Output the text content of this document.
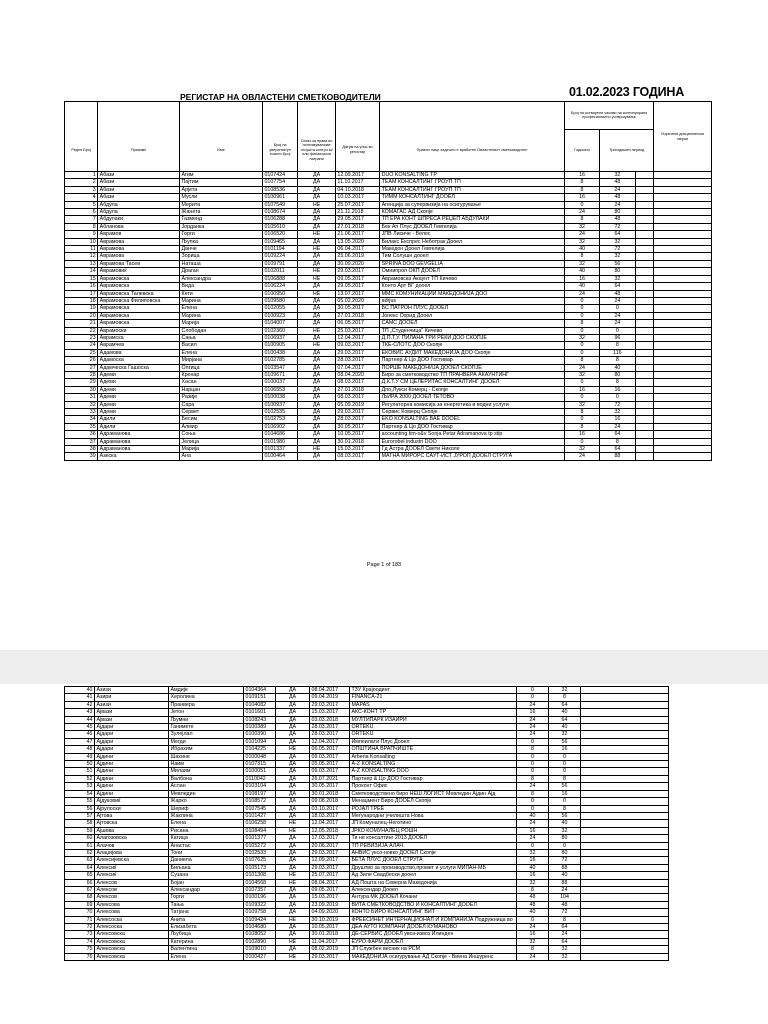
РЕГИСТАР НА ОВЛАСТЕНИ СМЕТКОВОДИТЕЛИ	01.02.2023 ГОДИНА
							Број на остварени часови на континуирано професионално усовршување			Изречени дисциплински мерки
Реден Број	Презиме	Име	Број на уверение/уп ечатен Број	Отказ за права во поптимувањиве отсушта контро м/или финансиски натрапи	Датум на упис во регистар	Правно лице кадешто е вработен Овластениот сметководител	Годишно	Тригодишен период		
1	Абази	Агим	0107424	ДА	12.09.2017	DUO KONSALTING ТР	16	32		
2	Абази	Пајтим	0107754	ДА	11.10.2017	ТЕАМ КОНСАЛТИНГ ГРОУП ТП	8	48		
3	Абази	Арјета	0108536	ДА	04.10.2018	ТЕАМ КОНСАЛТИНГ ГРОУП ТП	8	24		
4	Абази	Мусли	0100961	ДА	10.03.2017	ТИММ КОНСАЛТИНГ ДООЕЛ	16	48		
5	Абдула	Мерита	0107549	НЕ	25.07.2017	Агенција за супервизија на осигурување	0	24		
6	Абдула	Жанета	0108674	ДА	21.11.2018	КОМАГАС АД Скопје	24	80		
7	Абдулаки	Газменд	0106288	ДА	29.05.2017	ТП ЕРА КОНТ ШПРЕСА РЕЏЕП АБДУЛАКИ	8	48		
8	Абланова	Јорданка	0105610	ДА	27.01.2018	Бек Ап Плус ДООЕЛ Гевгелија	32	72		
9	Аврамов	Горги	0106520	НЕ	21.06.2017	ЈПВ Лисиче - Велес	24	64		
10	Аврамова	Љупка	0109465	ДА	13.05.2020	Билакс Експрес Неботрак Дооел	32	32		
11	Аврамова	Данче	0101194	НЕ	06.04.2017	Македон Дооел Гевгелија	40	72		
12	Аврамова	Зорица	0109224	ДА	25.06.2019	Тим Солушн дооел	8	32		
13	Аврамова Тасев	Наташа	0109791	ДА	30.09.2020	SPRINA DOO GEVGELIA	32	56		
14	Аврамовиќ	Драган	0102011	НЕ	29.03.2017	Омнипрол ОКП ДООЕЛ	40	80		
15	Аврамовска	Александра	0106888	НЕ	09.05.2017	Аврамовска Акаунт ТП Кичево	16	32		
16	Аврамовска	Вида	0106224	ДА	29.05.2017	Конто Арт ВГ дооел	40	64		
17	Аврамовска Талевска	Кети	0100950	НЕ	13.07.2017	ММС КОМУНИКАЦИИ МАКЕДОНИЈА ДОО	24	48		
18	Аврамовска Филиповска	Марина	0109580	ДА	05.02.2020	adrjus	0	24		
19	Аврамовска	Елена	0102055	ДА	30.05.2017	БС ПАТРОН ПЛУС ДООЕЛ	0	0		
20	Аврамовска	Марина	0100923	ДА	27.01.2018	Јонекс Охрид Дооел	0	24		
21	Аврамовска	Марија	0104007	ДА	06.05.2017	САМС ДООЕЛ	8	24		
22	Аврамоски	Слободан	0102360	НЕ	25.03.2017	ТП „Студенчица" Кичево	0	0		
23	Аврамска	Сања	0106937	ДА	12.04.2017	Д.П.Т.У. ПИЛАНА ТРИ РЕКИ ДОО СКОПЈЕ	32	96		
24	Аврамчев	Васил	0100905	НЕ	09.03.2017	ТКЕ-СЛОТС ДОО Скопје	0	8		
25	Адамова	Елена	0100438	ДА	29.03.2017	ЕКОВИС АУДИТ МАКЕДОНИЈА ДОО Скопје	0	116		
26	Адамоска	Мирјана	0102785	ДА	28.03.2017	Партнер & Цо ДОО Гостивар	8	8		
27	Адамческа Гашоска	Олгица	0103547	ДА	07.04.2017	ПОРШЕ МАКЕДОНИЈА ДООЕЛ СКОПЈЕ	24	40		
28	Адеми	Кренар	0109671	ДА	08.04.2020	Биро за сметководство ТП ПРАНВЕРА АКАУНТИНГ	32	80		
29	Адеми	Хасан	0100037	ДА	08.03.2017	Д.К.Т.У СМ ЦЕЛЕРИТАС КОНСАЛТИНГ ДООЕЛ	0	8		
30	Адеми	Нарцан	0106553	ДА	27.01.2018	Дпо„Лукси Комерц - Скопје	16	16		
31	Адеми	Разије	0100038	ДА	08.03.2017	ЉИРА 2000 ДООЕЛ ТЕТОВО	0	0		
32	Адеми	Сара	0100937	ДА	05.09.2019	Регулаторна комисија за енергетика и водни услуги	32	72		
33	Адеми	Сервет	0102535	ДА	29.03.2017	Сервис Комерц Скопје	8	32		
34	Адили	Бесим	0102753	ДА	28.03.2017	EKO KONSALTING BAE DOOEL	0	16		
35	Адили	Алмир	0106902	ДА	30.05.2017	Партнер & Цо ДОО Гостивар	8	24		
36	Адрамановa	Соња	0104686	ДА	10.05.2017	accounting tim-s&v Sonja Petar Adramanova tp stip	16	64		
37	Адрамановa	Јелица	0101980	ДА	30.01.2018	Eurorobel industri DOO	0	8		
38	Адрамановa	Марија	0101337	НЕ	15.03.2017	Ѓд Астра ДООЕЛ Свети Николе	32	64		
39	Азеска	Ана	0100464	ДА	08.03.2017	МАГНА МИРОРС САУТ-ИСТ ЈУРОП ДООЕЛ СТРУГА	24	88		
Page 1 of 183
40	Азизи	Амдије	0104364	ДА	08.04.2017	ТЗУ Краjоодинт	0	32	
41	Азири	Херолина	0109151	ДА	09.04.2019	FINANCA-21	0	8	
42	Азизи	Пранвера	0104082	ДА	29.03.2017	МАРАЅ	24	64	
43	Ајвази	Јетон	0101601	ДА	15.03.2017	АКС-КОНТ ТР	16	40	
44	Ајвази	Љумни	0108243	ДА	03.03.2018	МУЛТИПАРК ИЗАИРИ	24	64	
45	Ајдари	Ганимете	0100389	ДА	28.03.2017	ORTEKU	24	40	
46	Ајдари	Зулејлал	0100390	ДА	28.03.2017	ORTEKU	24	32	
47	Ајдари	Мегди	0101094	ДА	12.04.2017	Импеилати Плус Дооел	0	56	
48	Ајдари	Ибрахим	0104225	НЕ	06.05.2017	ОПШТИНА ВРАПЧИШТЕ	8	16	
49	Ајдини	Шахине	0100048	ДА	09.03.2017	Arberia Konsalting	0	0	
50	Ајдини	Наим	0107315	ДА	05.05.2017	А-Z KONSALTING	0	0	
51	Ајдини	Милаим	0100051	ДА	09.03.2017	А-Z KONSALTING DOO	0	0	
52	Ајдини	Валбона	0110042	ДА	26.07.2021	Партнер & Цо ДОО Гостивар	8	8	
53	Ајдини	Аслан	0103104	ДА	30.05.2017	Проконт Офис	24	56	
54	Ајдини	Мевледин	0108197	ДА	30.01.2018	Сметководствено биро НЕШ ЛОГИСТ Мевледин Ајдин Ајд	8	16	
55	Ајдуковиќ	Жарко	0108572	ДА	09.08.2018	Менаџмент Биро ДООЕЛ Скопје	0	0	
56	Ајрулоски	Шериф	0107545	ДА	03.10.2017	РОЈАЛ ТРЕЕ	0	8	
57	Ајтова	Жаклина	0101427	ДА	18.03.2017	Меѓународни училишта Нова	40	56	
58	Ајтовска	Елена	0106258	НЕ	12.04.2017	ЈП Комуналец-Неготино	24	40	
59	Ајшева	Рисана	0108494	НЕ	12.05.2018	ЈРКО КОМУНАЛЕЦ РОШН	16	32	
60	Алагозовска	Катица	0101377	ДА	17.03.2017	Ти не консалтинг 2013 ДООЕЛ	24	80	
61	Алачов	Анастас	0105272	ДА	20.06.2017	ТП РЕВИЗИЈА АЛАЧ	0	0	
62	Алаџијова	Тони	0102533	ДА	29.03.2017	АНВИС уксо-новко ДООЕЛ Скопје	32	80	
63	Алексијевска	Даниела	0107625	ДА	12.09.2017	БЕТА ПЛУС ДООЕЛ СТРУГА	16	72	
64	Алексиќ	Биљана	0105173	ДА	29.03.2017	Друштво за производство,промет и услуги МИЛАН-МБ	40	88	
65	Алексиќ	Сузана	0101308	НЕ	25.07.2017	Ад Зиле Свадбески дооел	16	40	
66	Алексов	Бојан	0104568	НЕ	08.04.2017	АД Пошта на Северна Македонија	32	88	
67	Алексов	Александар	0107357	ДА	09.05.2017	Алексендар Дооел	8	24	
68	Алексов	Горги	0100196	ДА	15.03.2017	Антура МК ДООЕЛ Кочани	48	104	
69	Алексова	Тања	0109322	ДА	23.09.2019	ВИТА СМЕТКОВОДСТВО И КОНСАЛТИНГ ДООЕЛ	48	48	
70	Алексова	Татјана	0109758	ДА	04.09.2020	КОНТО БИРО КОНСАЛТИНГ ВИТ	40	72	
71	Алексоска	Анита	0109424	НЕ	30.10.2019	ФРЕЕСИНЕТ ИНТЕРНАЦИОНАЛ И КОМПАНИЈА Подружница во	0	8	
72	Алексоска	Елизабета	0104680	ДА	10.05.2017	ДЕА АУТО КОМПАНИ ДООЕЛ КУМАНОВО	24	64	
73	Алексовска	Љубица	0108052	ДА	30.01.2018	ДЕ-СЕРВИС ДООЕЛ увоз-извоз Илинден	16	24	
74	Алексовска	Катерина	0102890	НЕ	11.04.2017	ЕУРО ФАРМ ДООЕЛ	32	64	
75	Алексовска	Валентина	0109010	ДА	08.02.2019	ЈП Службен весник на РСМ	8	32	
76	Алексовска	Елена	0100427	НЕ	29.03.2017	МАКЕДОНИЈА осигурување АД Скопје - Виена Иншуренс	24	32	
